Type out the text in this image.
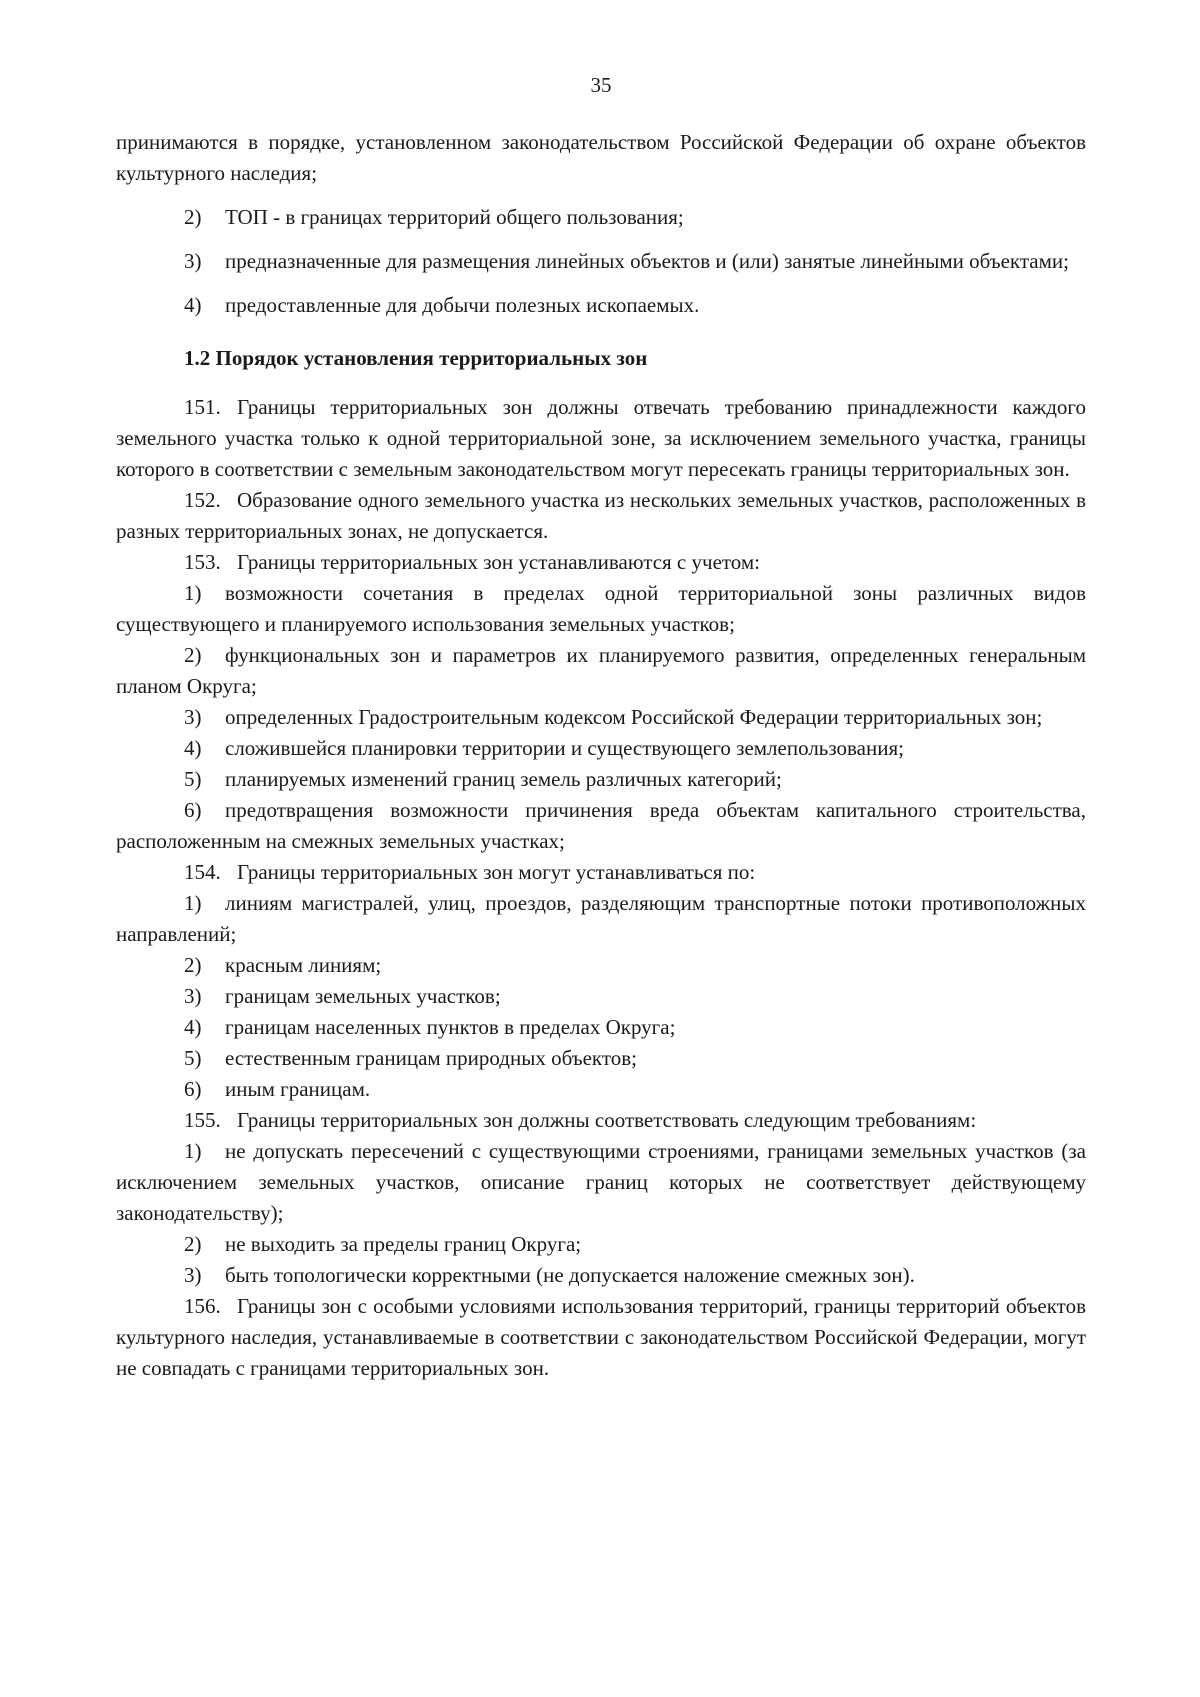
35

принимаются в порядке, установленном законодательством Российской Федерации об охране объектов культурного наследия;

2) ТОП - в границах территорий общего пользования;

3) предназначенные для размещения линейных объектов и (или) занятые линейными объектами;

4) предоставленные для добычи полезных ископаемых.

1.2 Порядок установления территориальных зон

151. Границы территориальных зон должны отвечать требованию принадлежности каждого земельного участка только к одной территориальной зоне, за исключением земельного участка, границы которого в соответствии с земельным законодательством могут пересекать границы территориальных зон.

152. Образование одного земельного участка из нескольких земельных участков, расположенных в разных территориальных зонах, не допускается.

153. Границы территориальных зон устанавливаются с учетом:

1) возможности сочетания в пределах одной территориальной зоны различных видов существующего и планируемого использования земельных участков;

2) функциональных зон и параметров их планируемого развития, определенных генеральным планом Округа;

3) определенных Градостроительным кодексом Российской Федерации территориальных зон;

4) сложившейся планировки территории и существующего землепользования;

5) планируемых изменений границ земель различных категорий;

6) предотвращения возможности причинения вреда объектам капитального строительства, расположенным на смежных земельных участках;

154. Границы территориальных зон могут устанавливаться по:

1) линиям магистралей, улиц, проездов, разделяющим транспортные потоки противоположных направлений;

2) красным линиям;

3) границам земельных участков;

4) границам населенных пунктов в пределах Округа;

5) естественным границам природных объектов;

6) иным границам.

155. Границы территориальных зон должны соответствовать следующим требованиям:

1) не допускать пересечений с существующими строениями, границами земельных участков (за исключением земельных участков, описание границ которых не соответствует действующему законодательству);

2) не выходить за пределы границ Округа;

3) быть топологически корректными (не допускается наложение смежных зон).

156. Границы зон с особыми условиями использования территорий, границы территорий объектов культурного наследия, устанавливаемые в соответствии с законодательством Российской Федерации, могут не совпадать с границами территориальных зон.
